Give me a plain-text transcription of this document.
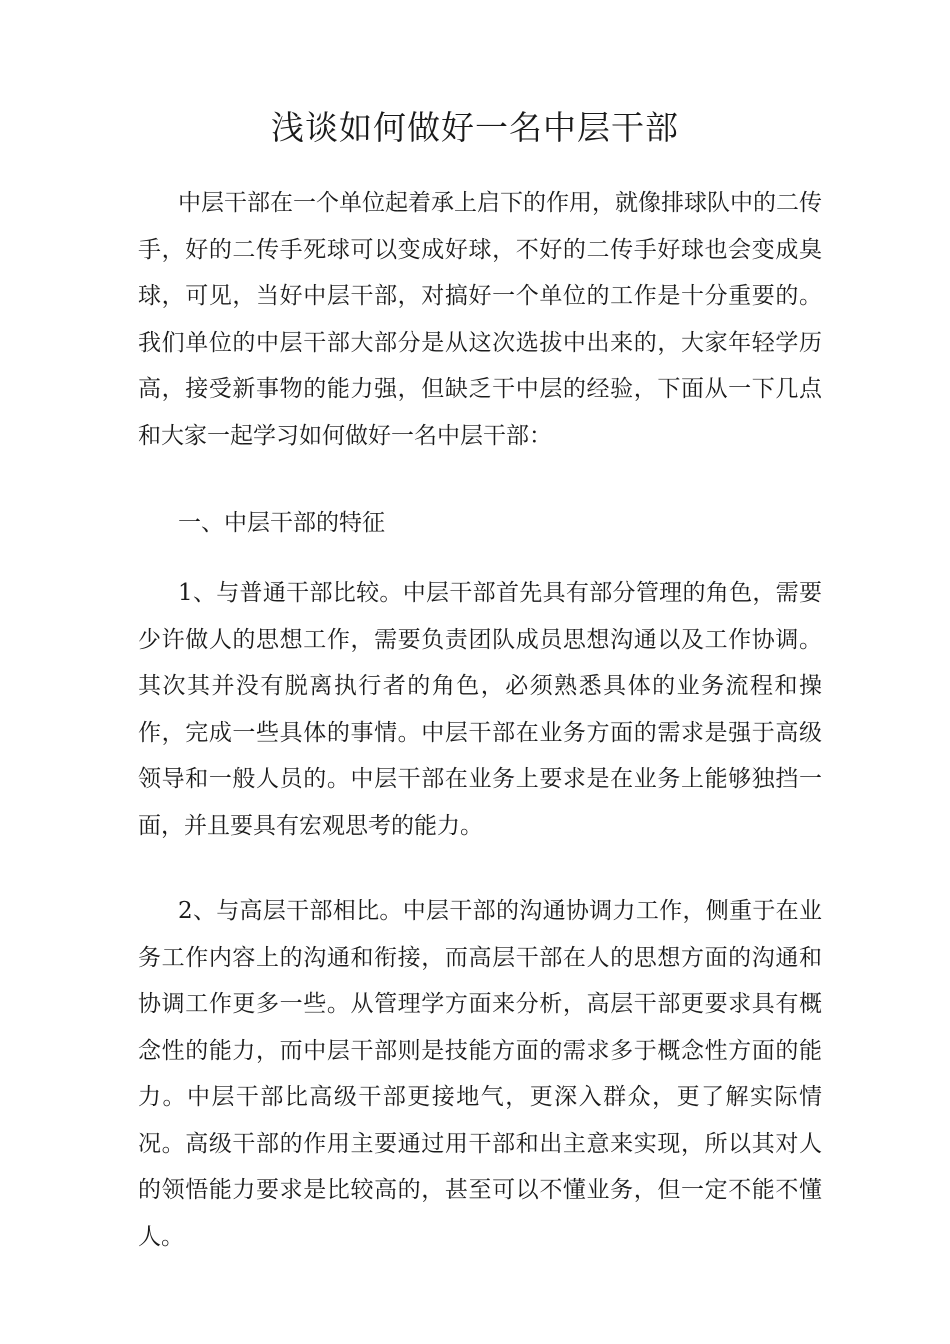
浅谈如何做好一名中层干部

中层干部在一个单位起着承上启下的作用，就像排球队中的二传手，好的二传手死球可以变成好球，不好的二传手好球也会变成臭球，可见，当好中层干部，对搞好一个单位的工作是十分重要的。我们单位的中层干部大部分是从这次选拔中出来的，大家年轻学历高，接受新事物的能力强，但缺乏干中层的经验，下面从一下几点和大家一起学习如何做好一名中层干部：

一、中层干部的特征

1、与普通干部比较。中层干部首先具有部分管理的角色，需要少许做人的思想工作，需要负责团队成员思想沟通以及工作协调。其次其并没有脱离执行者的角色，必须熟悉具体的业务流程和操作，完成一些具体的事情。中层干部在业务方面的需求是强于高级领导和一般人员的。中层干部在业务上要求是在业务上能够独挡一面，并且要具有宏观思考的能力。

2、与高层干部相比。中层干部的沟通协调力工作，侧重于在业务工作内容上的沟通和衔接，而高层干部在人的思想方面的沟通和协调工作更多一些。从管理学方面来分析，高层干部更要求具有概念性的能力，而中层干部则是技能方面的需求多于概念性方面的能力。中层干部比高级干部更接地气，更深入群众，更了解实际情况。高级干部的作用主要通过用干部和出主意来实现，所以其对人的领悟能力要求是比较高的，甚至可以不懂业务，但一定不能不懂人。
